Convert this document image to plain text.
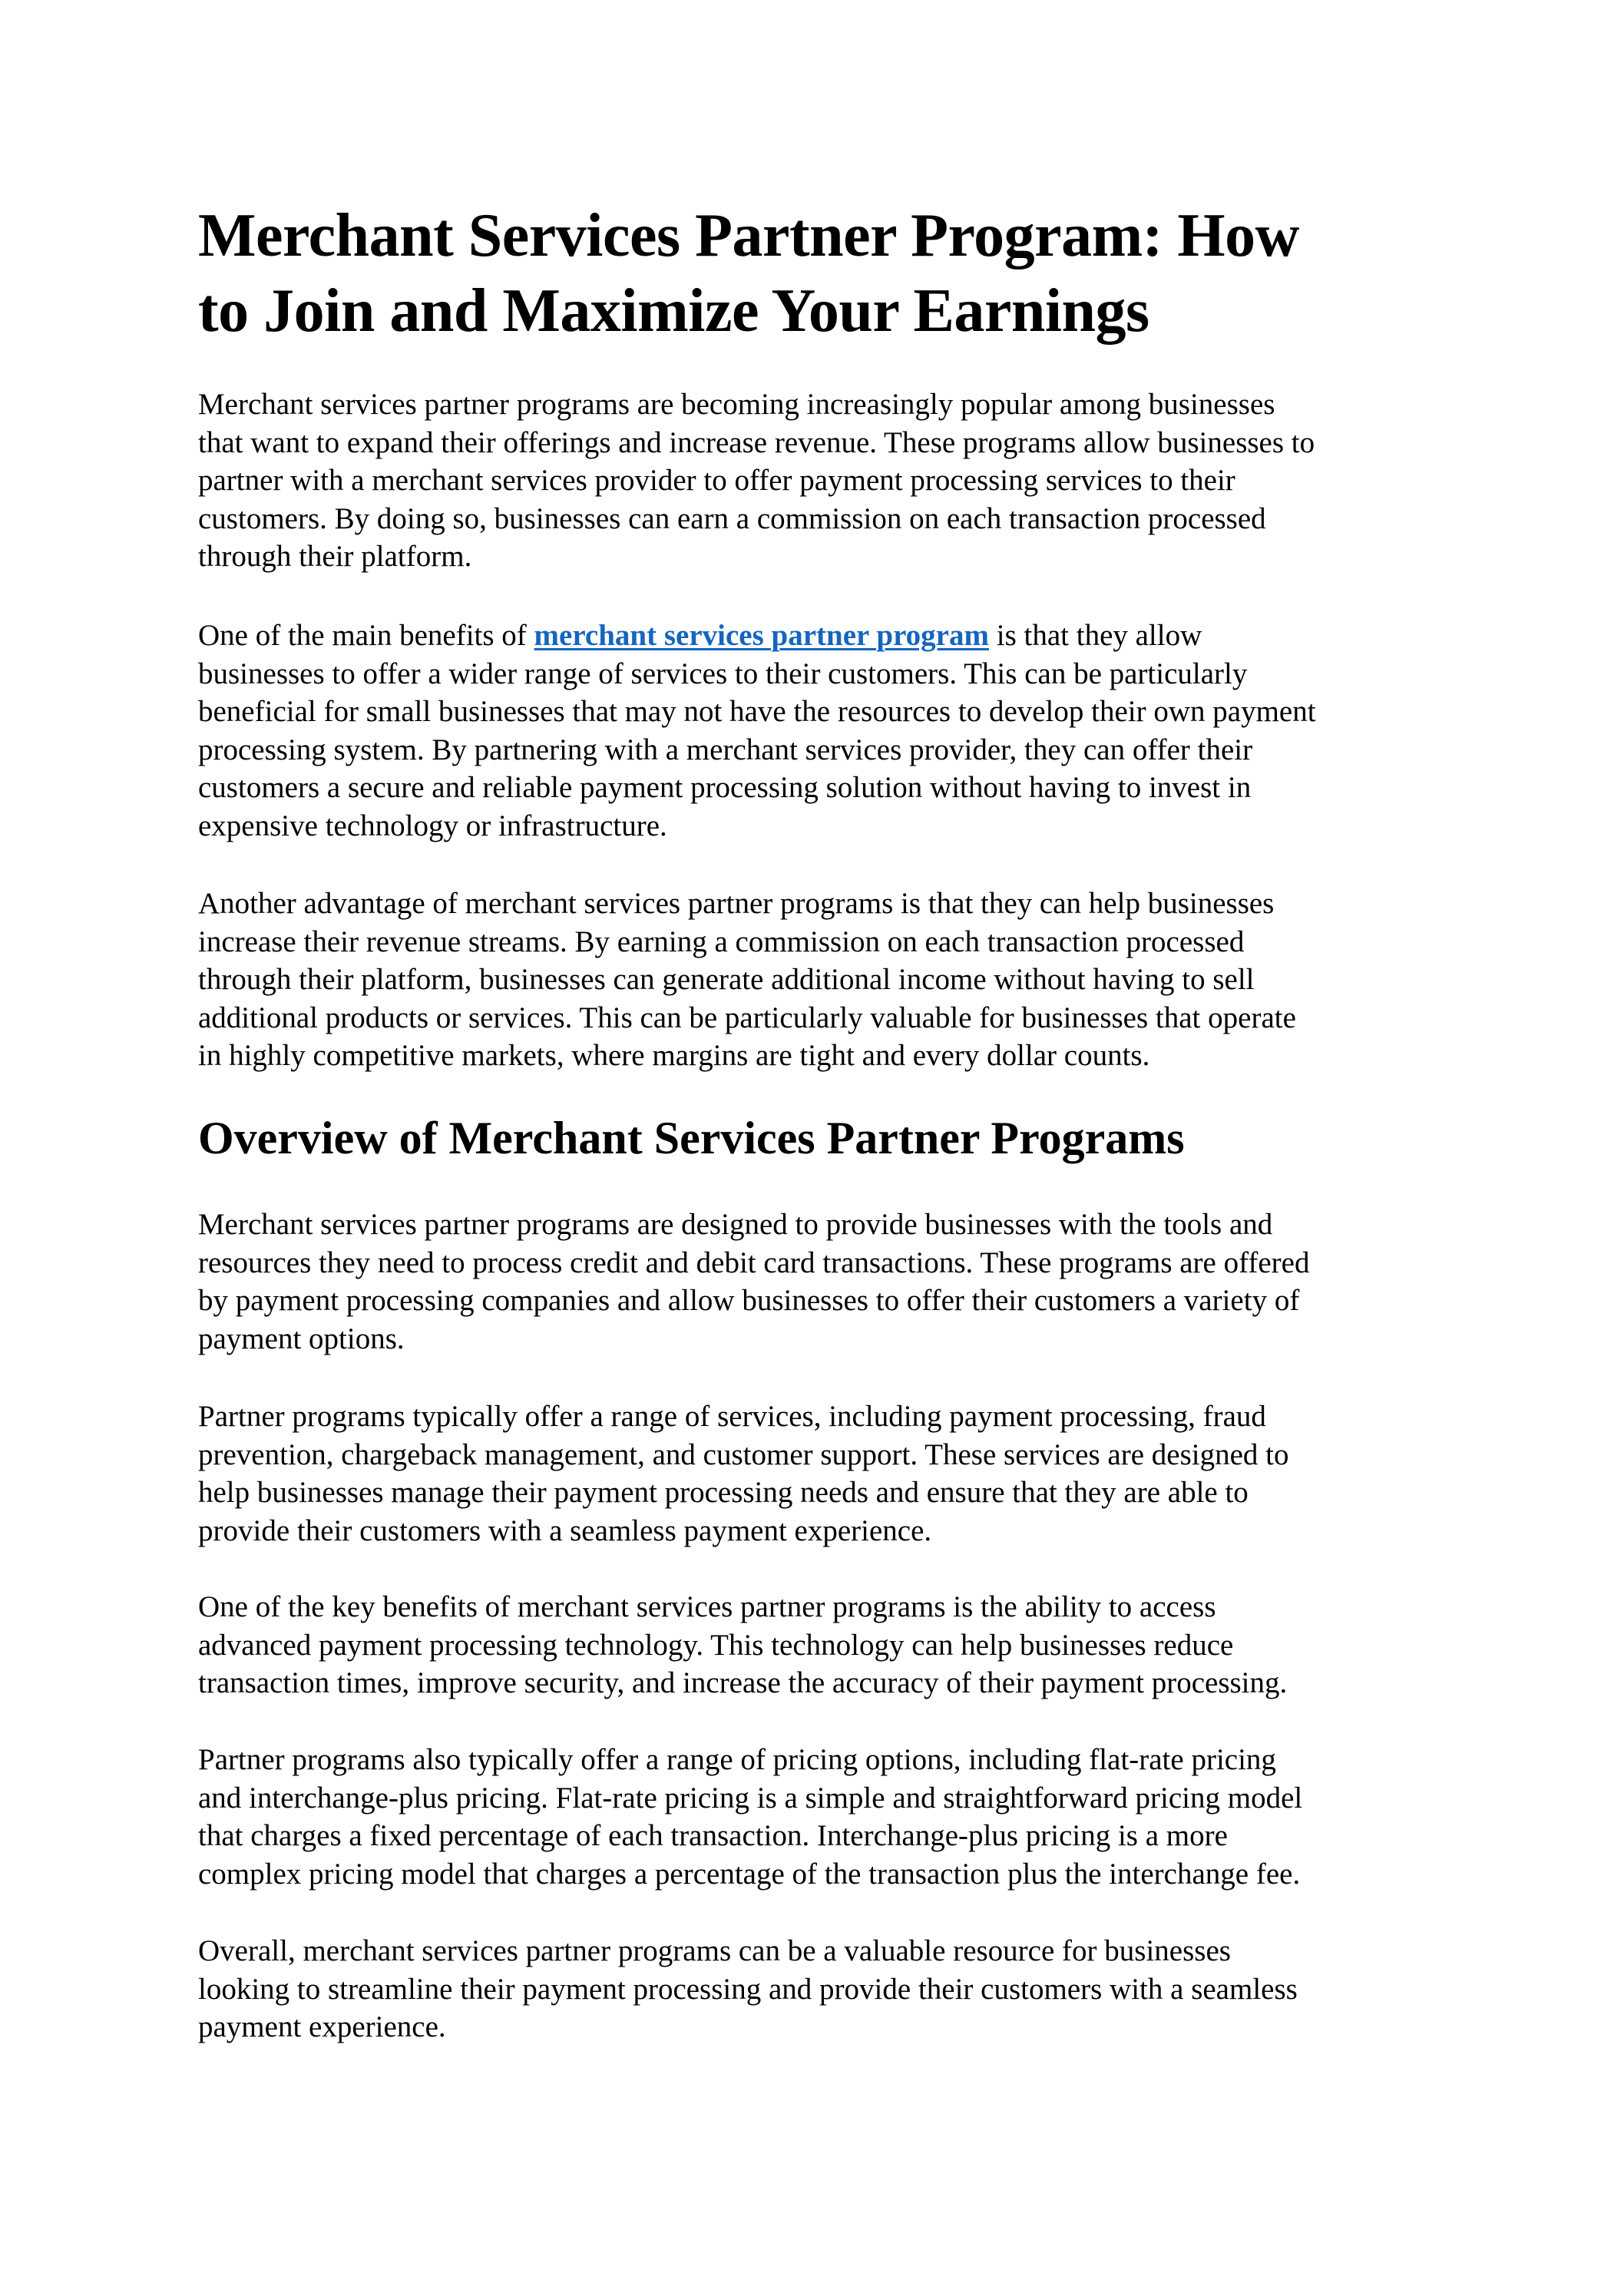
Merchant Services Partner Program: How
to Join and Maximize Your Earnings

Merchant services partner programs are becoming increasingly popular among businesses
that want to expand their offerings and increase revenue. These programs allow businesses to
partner with a merchant services provider to offer payment processing services to their
customers. By doing so, businesses can earn a commission on each transaction processed
through their platform.

One of the main benefits of merchant services partner program is that they allow
businesses to offer a wider range of services to their customers. This can be particularly
beneficial for small businesses that may not have the resources to develop their own payment
processing system. By partnering with a merchant services provider, they can offer their
customers a secure and reliable payment processing solution without having to invest in
expensive technology or infrastructure.

Another advantage of merchant services partner programs is that they can help businesses
increase their revenue streams. By earning a commission on each transaction processed
through their platform, businesses can generate additional income without having to sell
additional products or services. This can be particularly valuable for businesses that operate
in highly competitive markets, where margins are tight and every dollar counts.

Overview of Merchant Services Partner Programs

Merchant services partner programs are designed to provide businesses with the tools and
resources they need to process credit and debit card transactions. These programs are offered
by payment processing companies and allow businesses to offer their customers a variety of
payment options.

Partner programs typically offer a range of services, including payment processing, fraud
prevention, chargeback management, and customer support. These services are designed to
help businesses manage their payment processing needs and ensure that they are able to
provide their customers with a seamless payment experience.

One of the key benefits of merchant services partner programs is the ability to access
advanced payment processing technology. This technology can help businesses reduce
transaction times, improve security, and increase the accuracy of their payment processing.

Partner programs also typically offer a range of pricing options, including flat-rate pricing
and interchange-plus pricing. Flat-rate pricing is a simple and straightforward pricing model
that charges a fixed percentage of each transaction. Interchange-plus pricing is a more
complex pricing model that charges a percentage of the transaction plus the interchange fee.

Overall, merchant services partner programs can be a valuable resource for businesses
looking to streamline their payment processing and provide their customers with a seamless
payment experience.
